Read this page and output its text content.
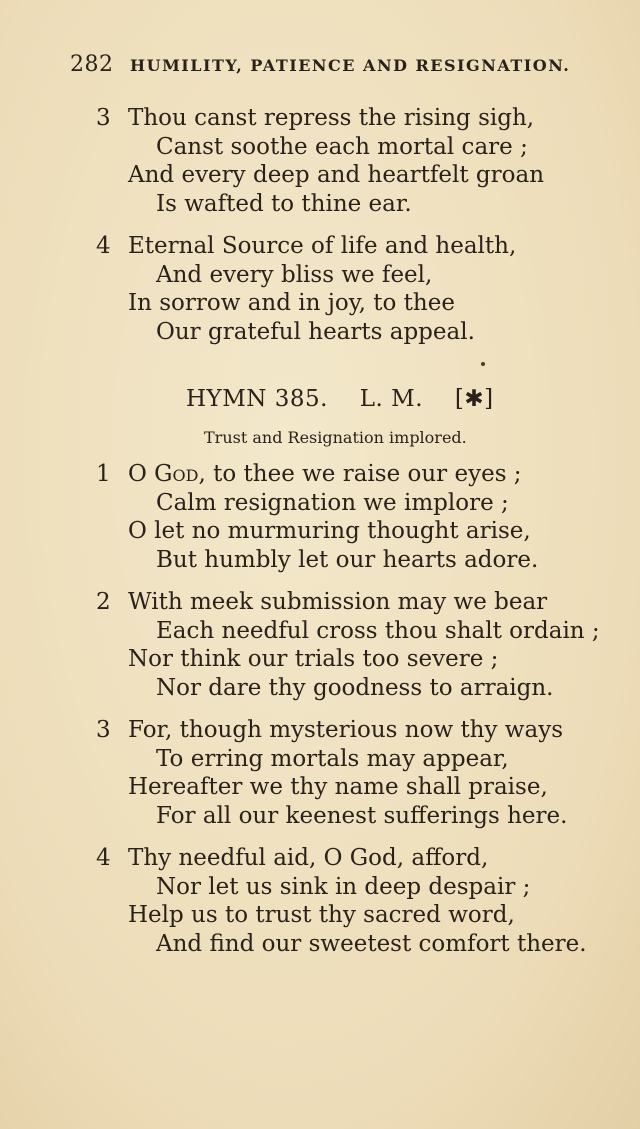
282 HUMILITY, PATIENCE AND RESIGNATION.
3 Thou canst repress the rising sigh,
Canst soothe each mortal care ;
And every deep and heartfelt groan
Is wafted to thine ear.
4 Eternal Source of life and health,
And every bliss we feel,
In sorrow and in joy, to thee
Our grateful hearts appeal.
HYMN 385. L. M. [✱]
Trust and Resignation implored.
1 O God, to thee we raise our eyes ;
Calm resignation we implore ;
O let no murmuring thought arise,
But humbly let our hearts adore.
2 With meek submission may we bear
Each needful cross thou shalt ordain ;
Nor think our trials too severe ;
Nor dare thy goodness to arraign.
3 For, though mysterious now thy ways
To erring mortals may appear,
Hereafter we thy name shall praise,
For all our keenest sufferings here.
4 Thy needful aid, O God, afford,
Nor let us sink in deep despair ;
Help us to trust thy sacred word,
And find our sweetest comfort there.
